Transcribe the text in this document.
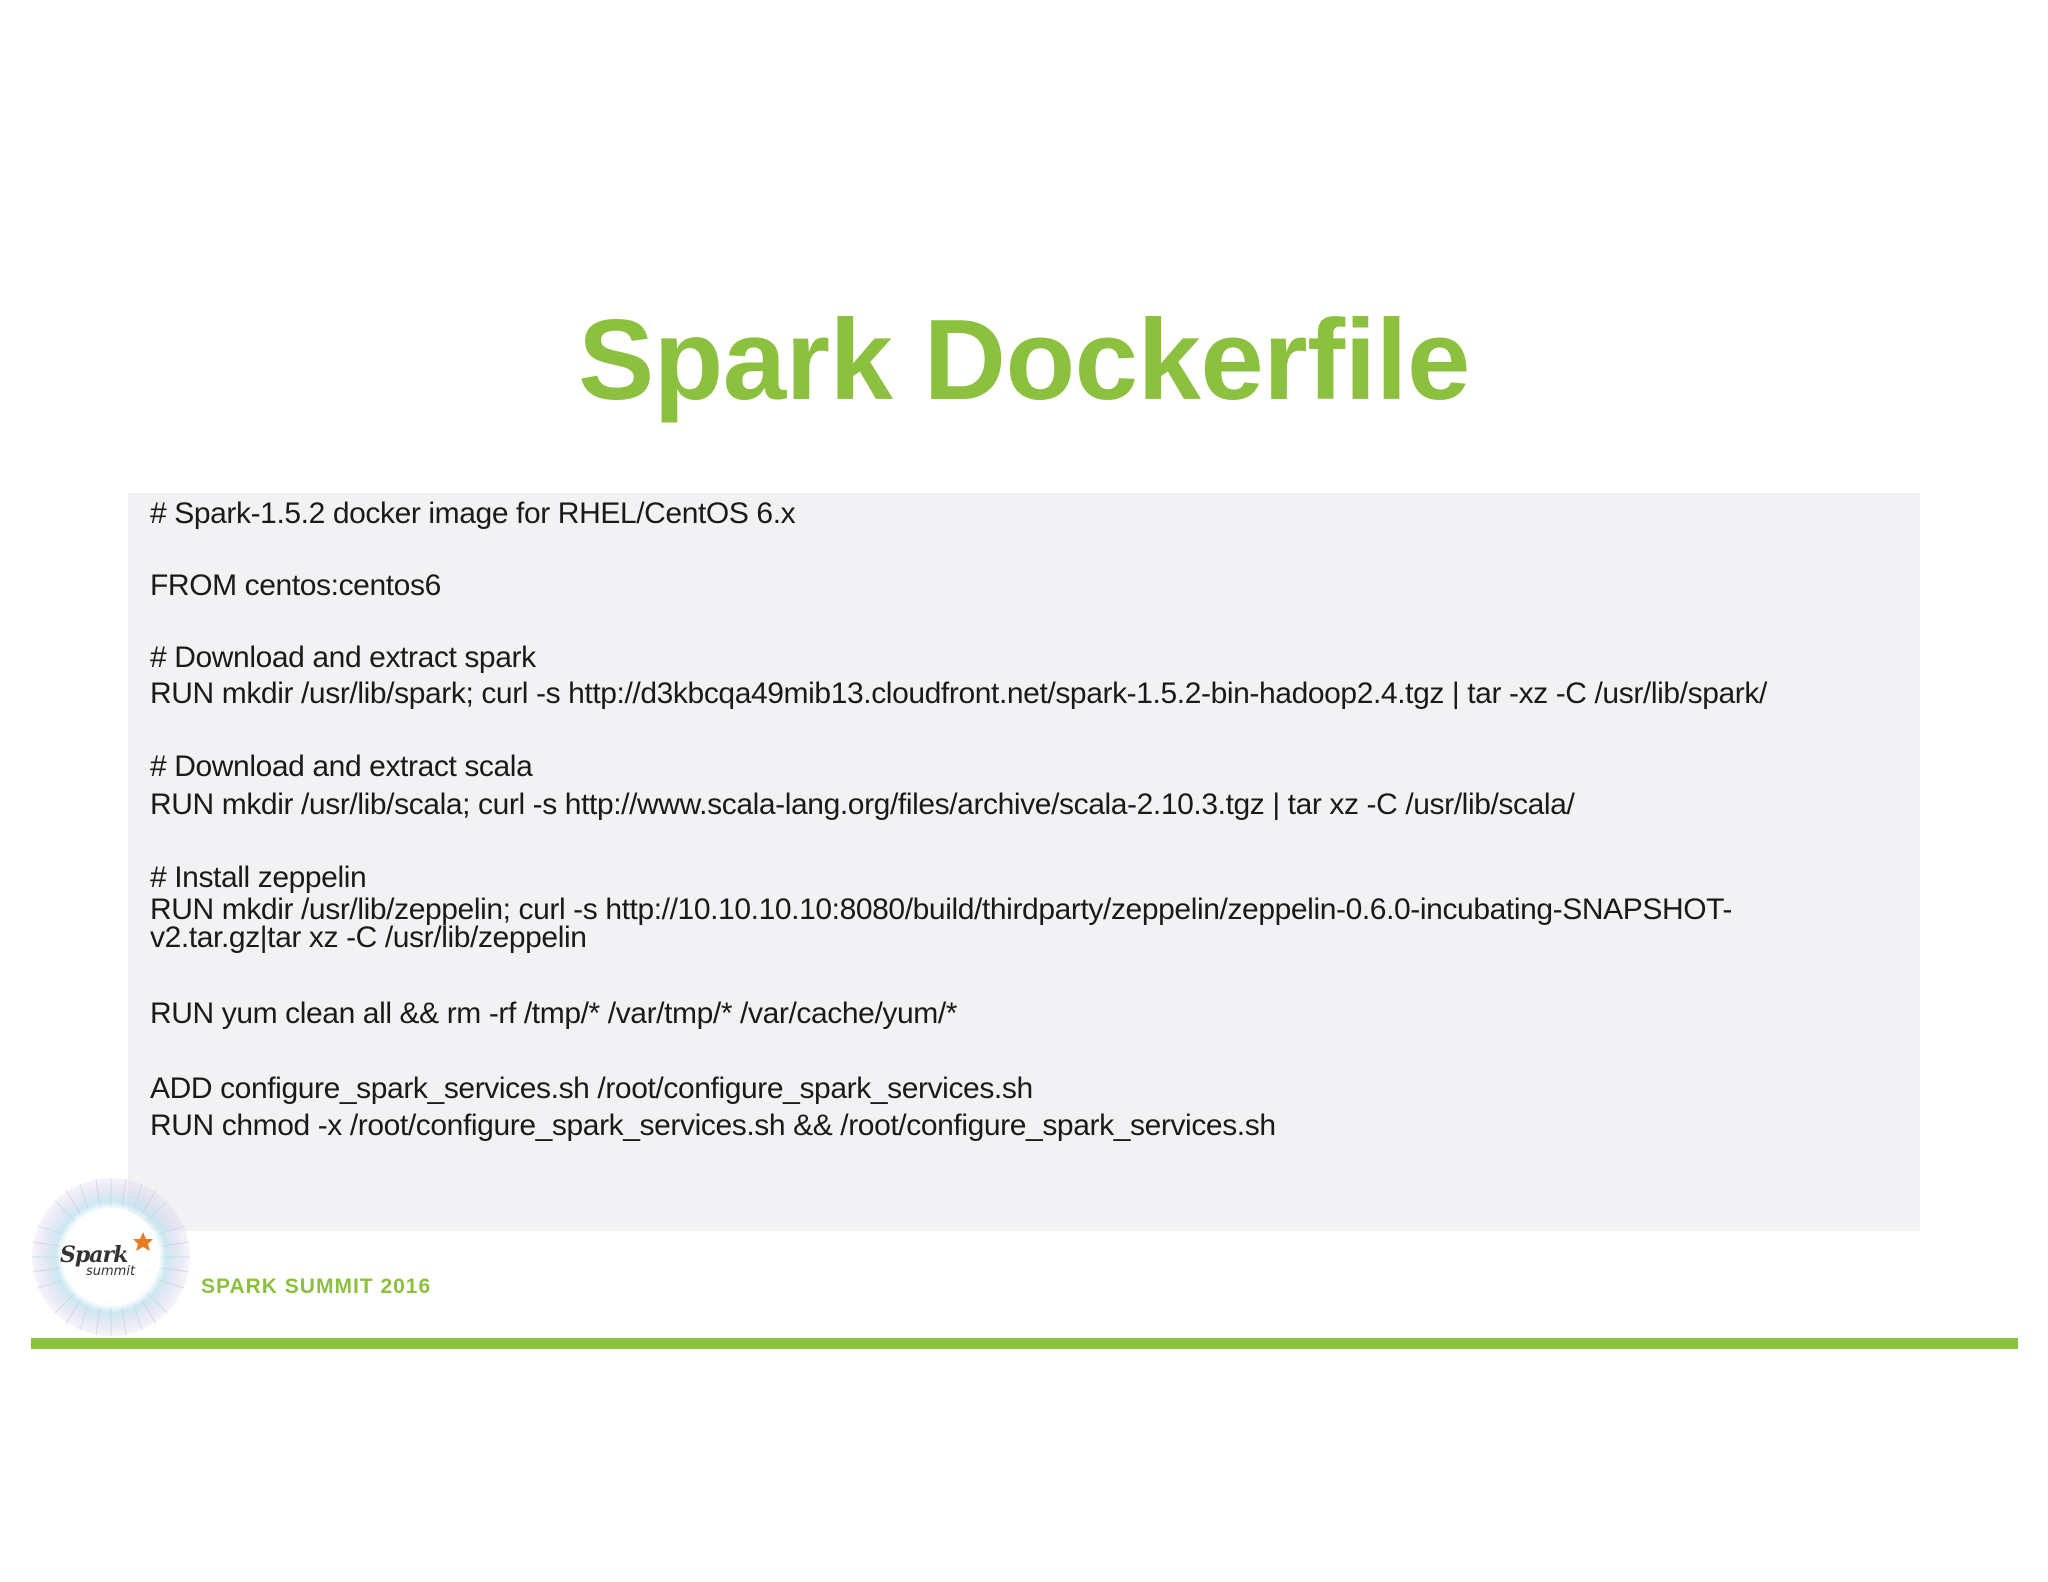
Spark Dockerfile
# Spark-1.5.2 docker image for RHEL/CentOS 6.x
FROM centos:centos6
# Download and extract spark
RUN mkdir /usr/lib/spark; curl -s http://d3kbcqa49mib13.cloudfront.net/spark-1.5.2-bin-hadoop2.4.tgz | tar -xz -C /usr/lib/spark/
# Download and extract scala
RUN mkdir /usr/lib/scala; curl -s http://www.scala-lang.org/files/archive/scala-2.10.3.tgz | tar xz -C /usr/lib/scala/
# Install zeppelin
RUN mkdir /usr/lib/zeppelin; curl -s http://10.10.10.10:8080/build/thirdparty/zeppelin/zeppelin-0.6.0-incubating-SNAPSHOT-
v2.tar.gz|tar xz -C /usr/lib/zeppelin
RUN yum clean all && rm -rf /tmp/* /var/tmp/* /var/cache/yum/*
ADD configure_spark_services.sh /root/configure_spark_services.sh
RUN chmod -x /root/configure_spark_services.sh && /root/configure_spark_services.sh
Spark
summit
SPARK SUMMIT 2016
